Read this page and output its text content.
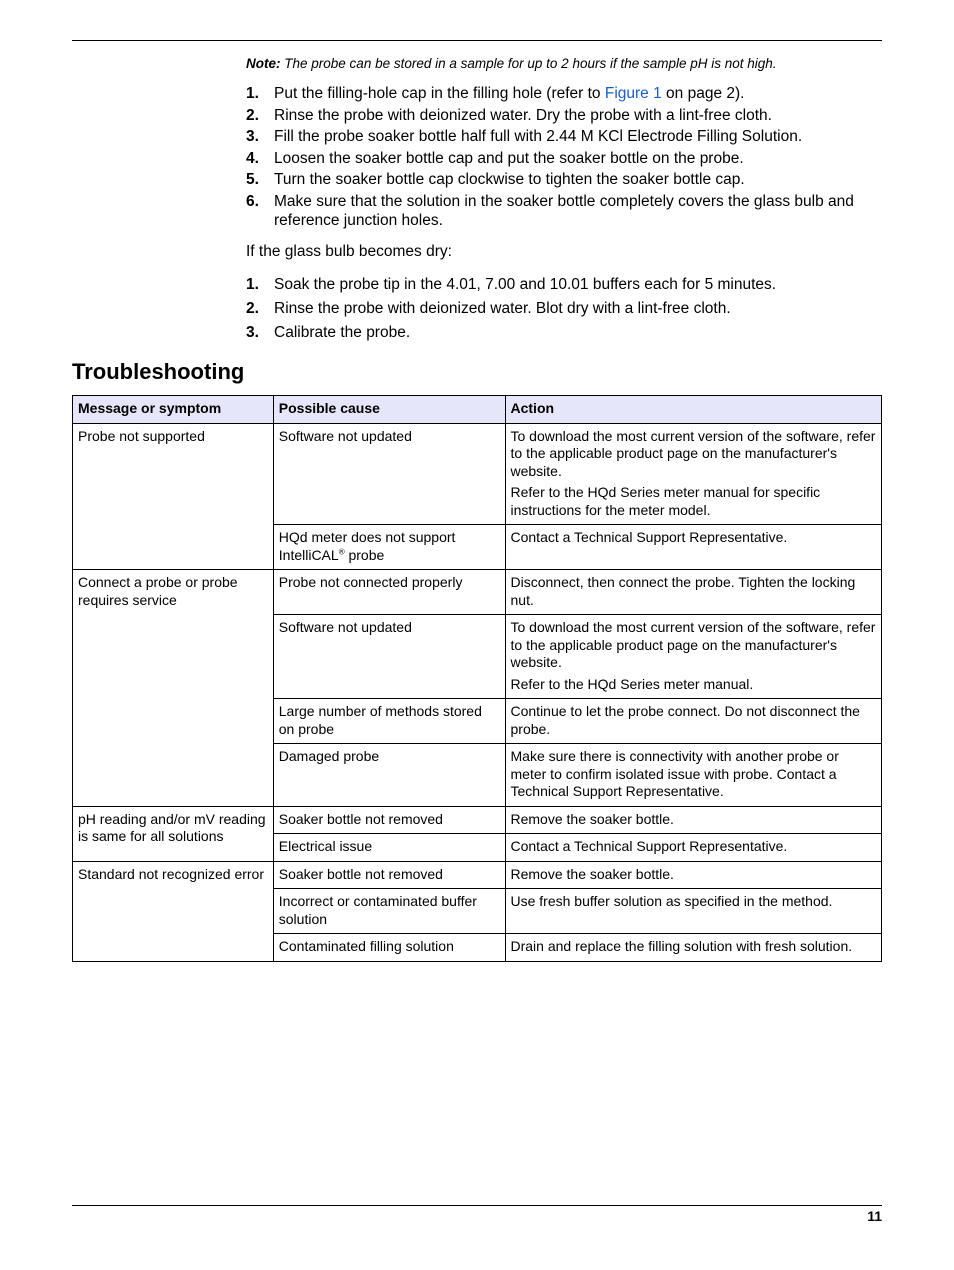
Note: The probe can be stored in a sample for up to 2 hours if the sample pH is not high.
1. Put the filling-hole cap in the filling hole (refer to Figure 1 on page 2).
2. Rinse the probe with deionized water. Dry the probe with a lint-free cloth.
3. Fill the probe soaker bottle half full with 2.44 M KCl Electrode Filling Solution.
4. Loosen the soaker bottle cap and put the soaker bottle on the probe.
5. Turn the soaker bottle cap clockwise to tighten the soaker bottle cap.
6. Make sure that the solution in the soaker bottle completely covers the glass bulb and reference junction holes.
If the glass bulb becomes dry:
1. Soak the probe tip in the 4.01, 7.00 and 10.01 buffers each for 5 minutes.
2. Rinse the probe with deionized water. Blot dry with a lint-free cloth.
3. Calibrate the probe.
Troubleshooting
Message or symptom	Possible cause	Action
Probe not supported	Software not updated	To download the most current version of the software, refer to the applicable product page on the manufacturer's website.

Refer to the HQd Series meter manual for specific instructions for the meter model.

	HQd meter does not support IntelliCAL® probe	Contact a Technical Support Representative.

Connect a probe or probe requires service	Probe not connected properly	Disconnect, then connect the probe. Tighten the locking nut.

	Software not updated	To download the most current version of the software, refer to the applicable product page on the manufacturer's website.

Refer to the HQd Series meter manual.

	Large number of methods stored on probe	Continue to let the probe connect. Do not disconnect the probe.

	Damaged probe	Make sure there is connectivity with another probe or meter to confirm isolated issue with probe. Contact a Technical Support Representative.

pH reading and/or mV reading is same for all solutions	Soaker bottle not removed	Remove the soaker bottle.

	Electrical issue	Contact a Technical Support Representative.

Standard not recognized error	Soaker bottle not removed	Remove the soaker bottle.

	Incorrect or contaminated buffer solution	Use fresh buffer solution as specified in the method.

	Contaminated filling solution	Drain and replace the filling solution with fresh solution.

11
